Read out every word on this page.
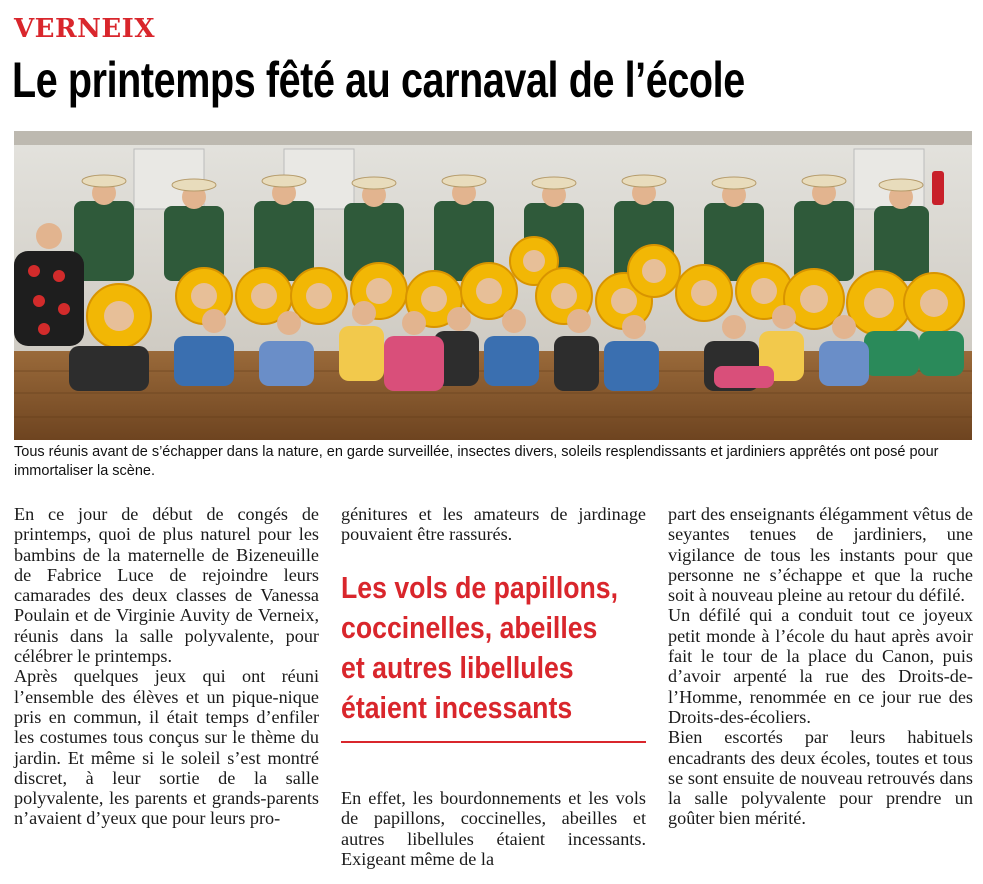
VERNEIX
Le printemps fêté au carnaval de l’école
Tous réunis avant de s’échapper dans la nature, en garde surveillée, insectes divers, soleils resplendissants et jardiniers apprêtés ont posé pour immortaliser la scène.

En ce jour de début de congés de printemps, quoi de plus naturel pour les bambins de la maternelle de Bizeneuille de Fabrice Luce de rejoindre leurs camarades des deux classes de Vanessa Poulain et de Virginie Auvity de Verneix, réunis dans la salle polyvalente, pour célébrer le printemps.

Après quelques jeux qui ont réuni l’ensemble des élèves et un pique-nique pris en commun, il était temps d’enfiler les costumes tous conçus sur le thème du jardin. Et même si le soleil s’est montré discret, à leur sortie de la salle polyvalente, les parents et grands-parents n’avaient d’yeux que pour leurs pro-

génitures et les amateurs de jardinage pouvaient être rassurés.

Les vols de papillons,
coccinelles, abeilles
et autres libellules
étaient incessants

En effet, les bourdonnements et les vols de papillons, coccinelles, abeilles et autres libellules étaient incessants. Exigeant même de la

part des enseignants élégamment vêtus de seyantes tenues de jardiniers, une vigilance de tous les instants pour que personne ne s’échappe et que la ruche soit à nouveau pleine au retour du défilé.

Un défilé qui a conduit tout ce joyeux petit monde à l’école du haut après avoir fait le tour de la place du Canon, puis d’avoir arpenté la rue des Droits-de-l’Homme, renommée en ce jour rue des Droits-des-écoliers.

Bien escortés par leurs habituels encadrants des deux écoles, toutes et tous se sont ensuite de nouveau retrouvés dans la salle polyvalente pour prendre un goûter bien mérité.
